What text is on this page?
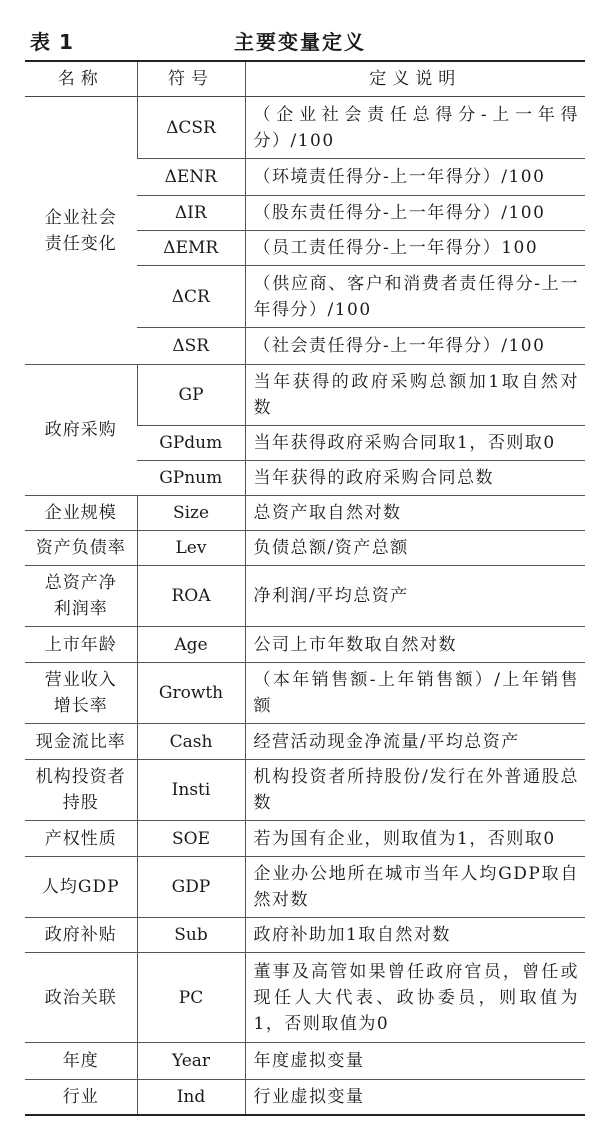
表 1	主要变量定义
名称	符号	定义说明

企业社会责任变化	ΔCSR	（企业社会责任总得分-上一年得分）/100
	ΔENR	（环境责任得分-上一年得分）/100
	ΔIR	（股东责任得分-上一年得分）/100
	ΔEMR	（员工责任得分-上一年得分）100
	ΔCR	（供应商、客户和消费者责任得分-上一年得分）/100
	ΔSR	（社会责任得分-上一年得分）/100
政府采购	GP	当年获得的政府采购总额加1取自然对数
	GPdum	当年获得政府采购合同取1，否则取0
	GPnum	当年获得的政府采购合同总数
企业规模	Size	总资产取自然对数
资产负债率	Lev	负债总额/资产总额

总资产净利润率	ROA	净利润/平均总资产
上市年龄	Age	公司上市年数取自然对数

营业收入增长率	Growth	（本年销售额-上年销售额）/上年销售额
现金流比率	Cash	经营活动现金净流量/平均总资产

机构投资者持股	Insti	机构投资者所持股份/发行在外普通股总数
产权性质	SOE	若为国有企业，则取值为1，否则取0
人均GDP	GDP	企业办公地所在城市当年人均GDP取自然对数
政府补贴	Sub	政府补助加1取自然对数
政治关联	PC	董事及高管如果曾任政府官员，曾任或现任人大代表、政协委员，则取值为1，否则取值为0
年度	Year	年度虚拟变量
行业	Ind	行业虚拟变量
